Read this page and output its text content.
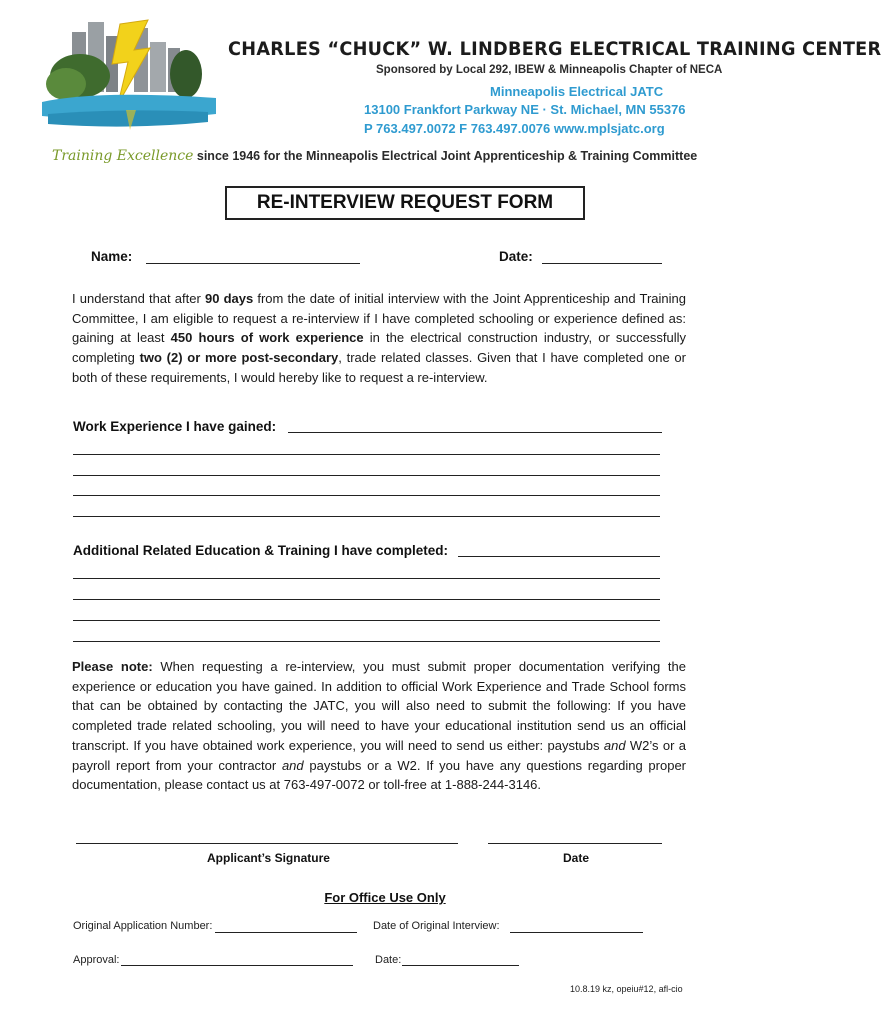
CHARLES “CHUCK” W. LINDBERG ELECTRICAL TRAINING CENTER
Sponsored by Local 292, IBEW & Minneapolis Chapter of NECA
Minneapolis Electrical JATC
13100 Frankfort Parkway NE · St. Michael, MN 55376
P 763.497.0072 F 763.497.0076 www.mplsjatc.org
Training Excellence since 1946 for the Minneapolis Electrical Joint Apprenticeship & Training Committee
RE-INTERVIEW REQUEST FORM
Name:	Date:
I understand that after 90 days from the date of initial interview with the Joint Apprenticeship and Training Committee, I am eligible to request a re-interview if I have completed schooling or experience defined as: gaining at least 450 hours of work experience in the electrical construction industry, or successfully completing two (2) or more post-secondary, trade related classes. Given that I have completed one or both of these requirements, I would hereby like to request a re-interview.
Work Experience I have gained:
Additional Related Education & Training I have completed:
Please note: When requesting a re-interview, you must submit proper documentation verifying the experience or education you have gained. In addition to official Work Experience and Trade School forms that can be obtained by contacting the JATC, you will also need to submit the following: If you have completed trade related schooling, you will need to have your educational institution send us an official transcript. If you have obtained work experience, you will need to send us either: paystubs and W2’s or a payroll report from your contractor and paystubs or a W2. If you have any questions regarding proper documentation, please contact us at 763-497-0072 or toll-free at 1-888-244-3146.
Applicant’s Signature	Date
For Office Use Only
Original Application Number:	Date of Original Interview:
Approval:	Date:
10.8.19 kz, opeiu#12, afl-cio
